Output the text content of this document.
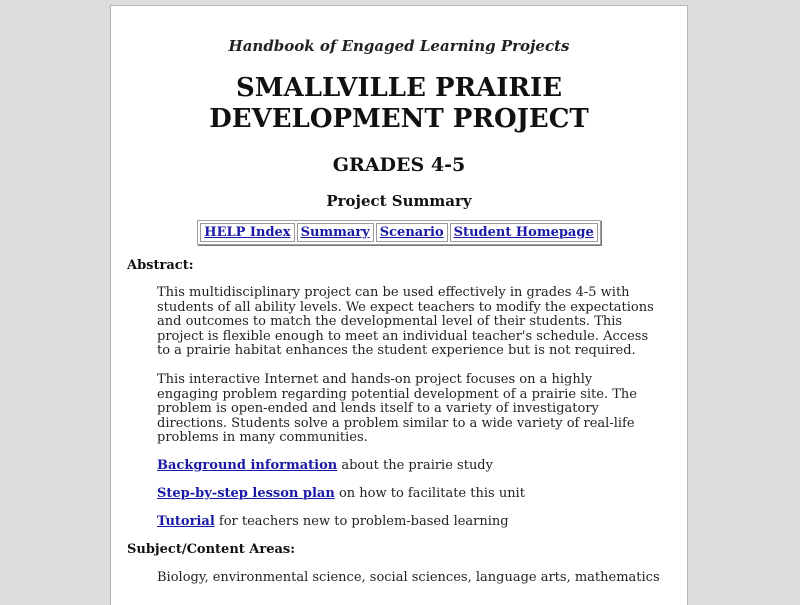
Handbook of Engaged Learning Projects
SMALLVILLE PRAIRIE
DEVELOPMENT PROJECT
GRADES 4-5
Project Summary
HELP Index	Summary	Scenario	Student Homepage
Abstract:

This multidisciplinary project can be used effectively in grades 4-5 with students of all ability levels. We expect teachers to modify the expectations and outcomes to match the developmental level of their students. This project is flexible enough to meet an individual teacher's schedule. Access to a prairie habitat enhances the student experience but is not required.

This interactive Internet and hands-on project focuses on a highly engaging problem regarding potential development of a prairie site. The problem is open-ended and lends itself to a variety of investigatory directions. Students solve a problem similar to a wide variety of real-life problems in many communities.

Background information about the prairie study
Step-by-step lesson plan on how to facilitate this unit
Tutorial for teachers new to problem-based learning
Subject/Content Areas:
Biology, environmental science, social sciences, language arts, mathematics
